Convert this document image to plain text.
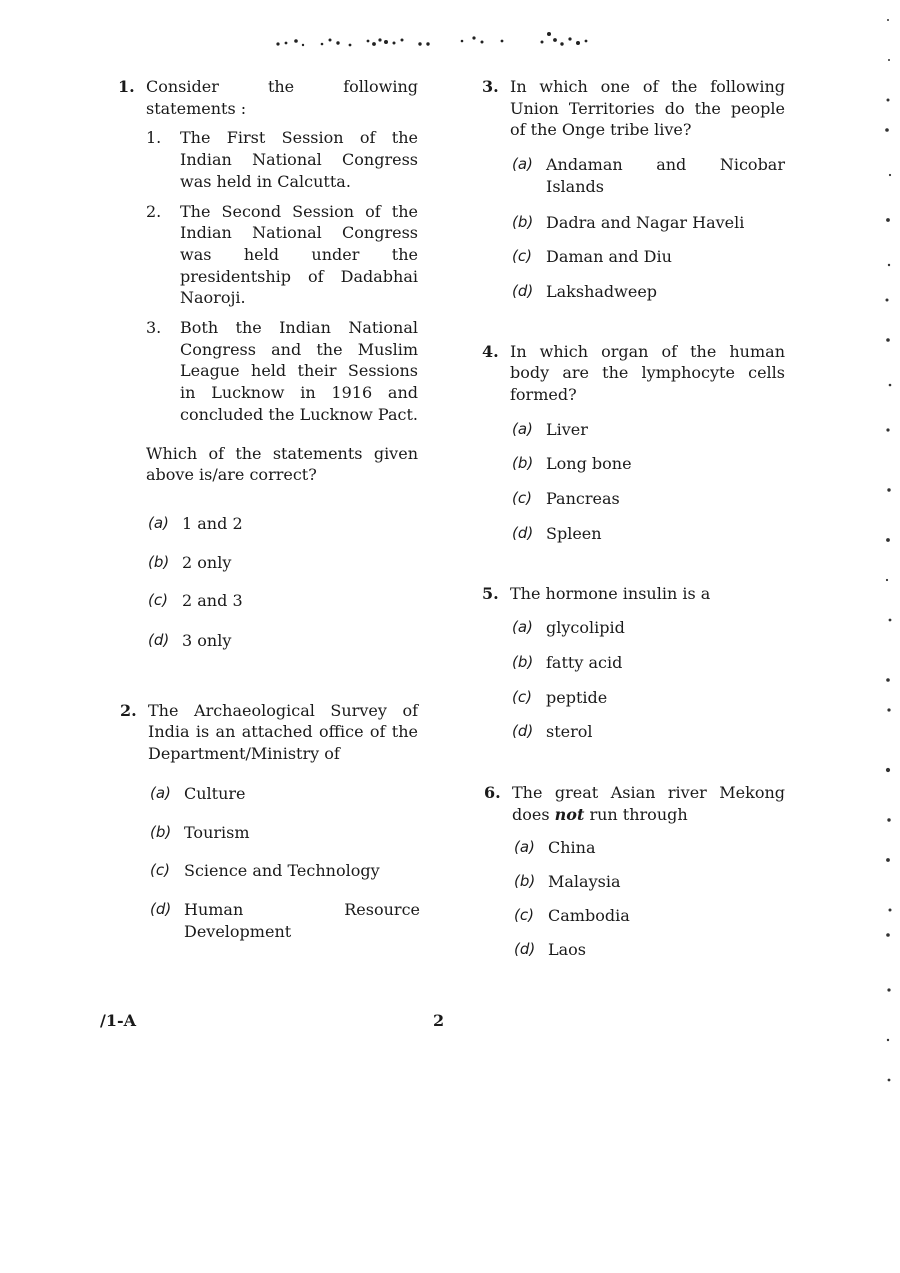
1. Consider the following statements :
1. The First Session of the Indian National Congress was held in Calcutta.
2. The Second Session of the Indian National Congress was held under the presidentship of Dadabhai Naoroji.
3. Both the Indian National Congress and the Muslim League held their Sessions in Lucknow in 1916 and concluded the Lucknow Pact.
Which of the statements given above is/are correct?
(a) 1 and 2
(b) 2 only
(c) 2 and 3
(d) 3 only
2. The Archaeological Survey of India is an attached office of the Department/Ministry of
(a) Culture
(b) Tourism
(c) Science and Technology
(d) Human Resource Development
3. In which one of the following Union Territories do the people of the Onge tribe live?
(a) Andaman and Nicobar Islands
(b) Dadra and Nagar Haveli
(c) Daman and Diu
(d) Lakshadweep
4. In which organ of the human body are the lymphocyte cells formed?
(a) Liver
(b) Long bone
(c) Pancreas
(d) Spleen
5. The hormone insulin is a
(a) glycolipid
(b) fatty acid
(c) peptide
(d) sterol
6. The great Asian river Mekong does not run through
(a) China
(b) Malaysia
(c) Cambodia
(d) Laos
/1-A	2
